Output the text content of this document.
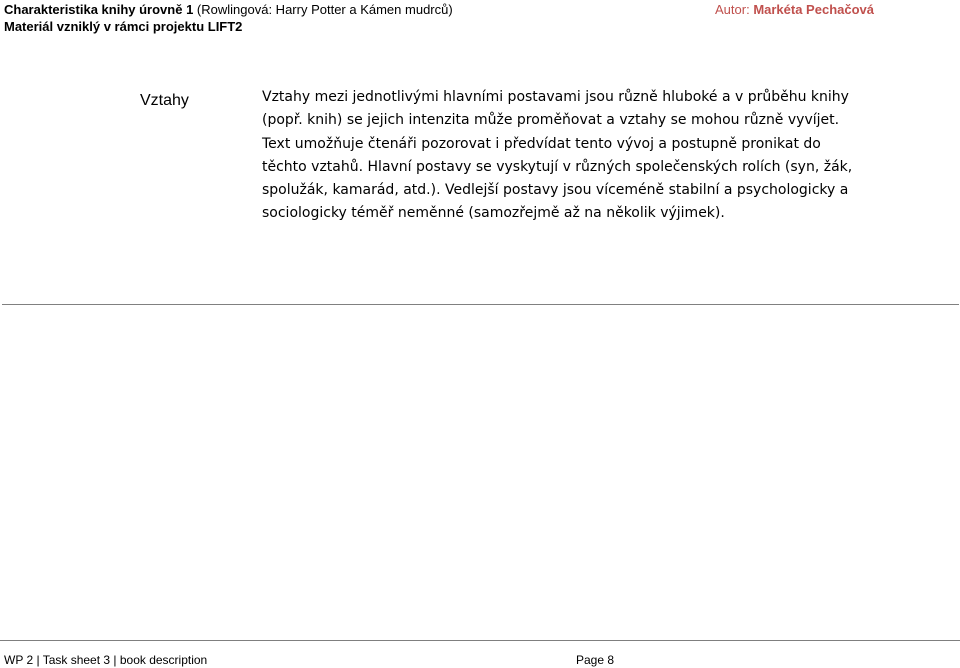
Charakteristika knihy úrovně 1 (Rowlingová: Harry Potter a Kámen mudrců)
Materiál vzniklý v rámci projektu LIFT2
Autor: Markéta Pechačová
Vztahy	Vztahy mezi jednotlivými hlavními postavami jsou různě hluboké a v průběhu knihy
(popř. knih) se jejich intenzita může proměňovat a vztahy se mohou různě vyvíjet.
Text umožňuje čtenáři pozorovat i předvídat tento vývoj a postupně pronikat do
těchto vztahů. Hlavní postavy se vyskytují v různých společenských rolích (syn, žák,
spolužák, kamarád, atd.). Vedlejší postavy jsou víceméně stabilní a psychologicky a
sociologicky téměř neměnné (samozřejmě až na několik výjimek).
WP 2 | Task sheet 3 | book description	Page 8
